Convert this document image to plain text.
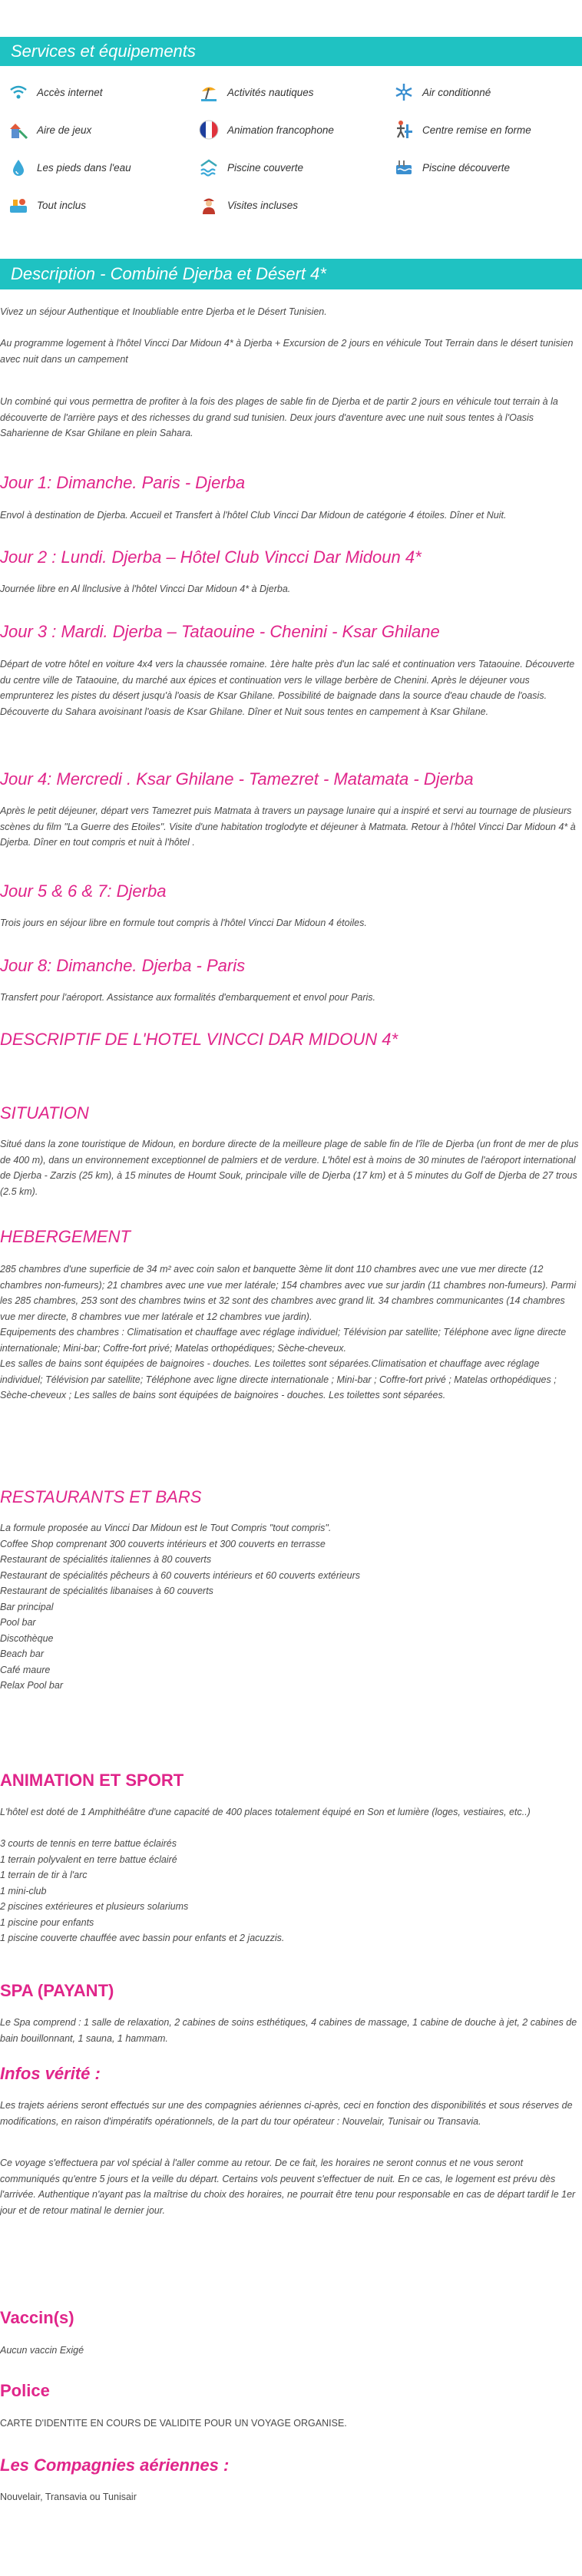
Services et équipements
Accès internet	Activités nautiques	Air conditionné
Aire de jeux	Animation francophone	Centre remise en forme
Les pieds dans l'eau	Piscine couverte	Piscine découverte
Tout inclus	Visites incluses
Description - Combiné Djerba et Désert 4*

Vivez un séjour Authentique et Inoubliable entre Djerba et le Désert Tunisien.

Au programme logement à l'hôtel Vincci Dar Midoun 4* à Djerba + Excursion de 2 jours en véhicule Tout Terrain dans le désert tunisien avec nuit dans un campement

Un combiné qui vous permettra de profiter à la fois des plages de sable fin de Djerba et de partir 2 jours en véhicule tout terrain à la découverte de l'arrière pays et des richesses du grand sud tunisien. Deux jours d'aventure avec une nuit sous tentes à l'Oasis Saharienne de Ksar Ghilane en plein Sahara.

Jour 1: Dimanche. Paris - Djerba

Envol à destination de Djerba. Accueil et Transfert à l'hôtel Club Vincci Dar Midoun de catégorie 4 étoiles. Dîner et Nuit.

Jour 2 : Lundi. Djerba – Hôtel Club Vincci Dar Midoun 4*

Journée libre en Al llnclusive à l'hôtel Vincci Dar Midoun 4* à Djerba.

Jour 3 : Mardi. Djerba – Tataouine - Chenini - Ksar Ghilane

Départ de votre hôtel en voiture 4x4 vers la chaussée romaine. 1ère halte près d'un lac salé et continuation vers Tataouine. Découverte du centre ville de Tataouine, du marché aux épices et continuation vers le village berbère de Chenini. Après le déjeuner vous emprunterez les pistes du désert jusqu'à l'oasis de Ksar Ghilane. Possibilité de baignade dans la source d'eau chaude de l'oasis. Découverte du Sahara avoisinant l'oasis de Ksar Ghilane. Dîner et Nuit sous tentes en campement à Ksar Ghilane.

Jour 4: Mercredi . Ksar Ghilane - Tamezret - Matamata - Djerba

Après le petit déjeuner, départ vers Tamezret puis Matmata à travers un paysage lunaire qui a inspiré et servi au tournage de plusieurs scènes du film "La Guerre des Etoiles". Visite d'une habitation troglodyte et déjeuner à Matmata. Retour à l'hôtel Vincci Dar Midoun 4* à Djerba. Dîner en tout compris et nuit à l'hôtel .

Jour 5 & 6 & 7: Djerba

Trois jours en séjour libre en formule tout compris à l'hôtel Vincci Dar Midoun 4 étoiles.

Jour 8: Dimanche. Djerba - Paris

Transfert pour l'aéroport. Assistance aux formalités d'embarquement et envol pour Paris.

DESCRIPTIF DE L'HOTEL VINCCI DAR MIDOUN 4*
SITUATION

Situé dans la zone touristique de Midoun, en bordure directe de la meilleure plage de sable fin de l'île de Djerba (un front de mer de plus de 400 m), dans un environnement exceptionnel de palmiers et de verdure. L'hôtel est à moins de 30 minutes de l'aéroport international de Djerba - Zarzis (25 km), à 15 minutes de Houmt Souk, principale ville de Djerba (17 km) et à 5 minutes du Golf de Djerba de 27 trous (2.5 km).

HEBERGEMENT

285 chambres d'une superficie de 34 m² avec coin salon et banquette 3ème lit dont 110 chambres avec une vue mer directe (12 chambres non-fumeurs); 21 chambres avec une vue mer latérale; 154 chambres avec vue sur jardin (11 chambres non-fumeurs). Parmi les 285 chambres, 253 sont des chambres twins et 32 sont des chambres avec grand lit. 34 chambres communicantes (14 chambres vue mer directe, 8 chambres vue mer latérale et 12 chambres vue jardin).

Equipements des chambres : Climatisation et chauffage avec réglage individuel; Télévision par satellite; Téléphone avec ligne directe internationale; Mini-bar; Coffre-fort privé; Matelas orthopédiques; Sèche-cheveux.

Les salles de bains sont équipées de baignoires - douches. Les toilettes sont séparées.Climatisation et chauffage avec réglage individuel; Télévision par satellite; Téléphone avec ligne directe internationale ; Mini-bar ; Coffre-fort privé ; Matelas orthopédiques ; Sèche-cheveux ; Les salles de bains sont équipées de baignoires - douches. Les toilettes sont séparées.

RESTAURANTS ET BARS
La formule proposée au Vincci Dar Midoun est le Tout Compris "tout compris".
Coffee Shop comprenant 300 couverts intérieurs et 300 couverts en terrasse
Restaurant de spécialités italiennes à 80 couverts
Restaurant de spécialités pêcheurs à 60 couverts intérieurs et 60 couverts extérieurs
Restaurant de spécialités libanaises à 60 couverts
Bar principal
Pool bar
Discothèque
Beach bar
Café maure
Relax Pool bar
ANIMATION ET SPORT

L'hôtel est doté de 1 Amphithéâtre d'une capacité de 400 places totalement équipé en Son et lumière (loges, vestiaires, etc..)

3 courts de tennis en terre battue éclairés
1 terrain polyvalent en terre battue éclairé
1 terrain de tir à l'arc
1 mini-club
2 piscines extérieures et plusieurs solariums
1 piscine pour enfants
1 piscine couverte chauffée avec bassin pour enfants et 2 jacuzzis.
SPA (PAYANT)

Le Spa comprend : 1 salle de relaxation, 2 cabines de soins esthétiques, 4 cabines de massage, 1 cabine de douche à jet, 2 cabines de bain bouillonnant, 1 sauna, 1 hammam.

Infos vérité :

Les trajets aériens seront effectués sur une des compagnies aériennes ci-après, ceci en fonction des disponibilités et sous réserves de modifications, en raison d'impératifs opérationnels, de la part du tour opérateur : Nouvelair, Tunisair ou Transavia.

Ce voyage s'effectuera par vol spécial à l'aller comme au retour. De ce fait, les horaires ne seront connus et ne vous seront communiqués qu'entre 5 jours et la veille du départ. Certains vols peuvent s'effectuer de nuit. En ce cas, le logement est prévu dès l'arrivée. Authentique n'ayant pas la maîtrise du choix des horaires, ne pourrait être tenu pour responsable en cas de départ tardif le 1er jour et de retour matinal le dernier jour.

Vaccin(s)

Aucun vaccin Exigé

Police

CARTE D'IDENTITE EN COURS DE VALIDITE POUR UN VOYAGE ORGANISE.

Les Compagnies aériennes :

Nouvelair, Transavia ou Tunisair
